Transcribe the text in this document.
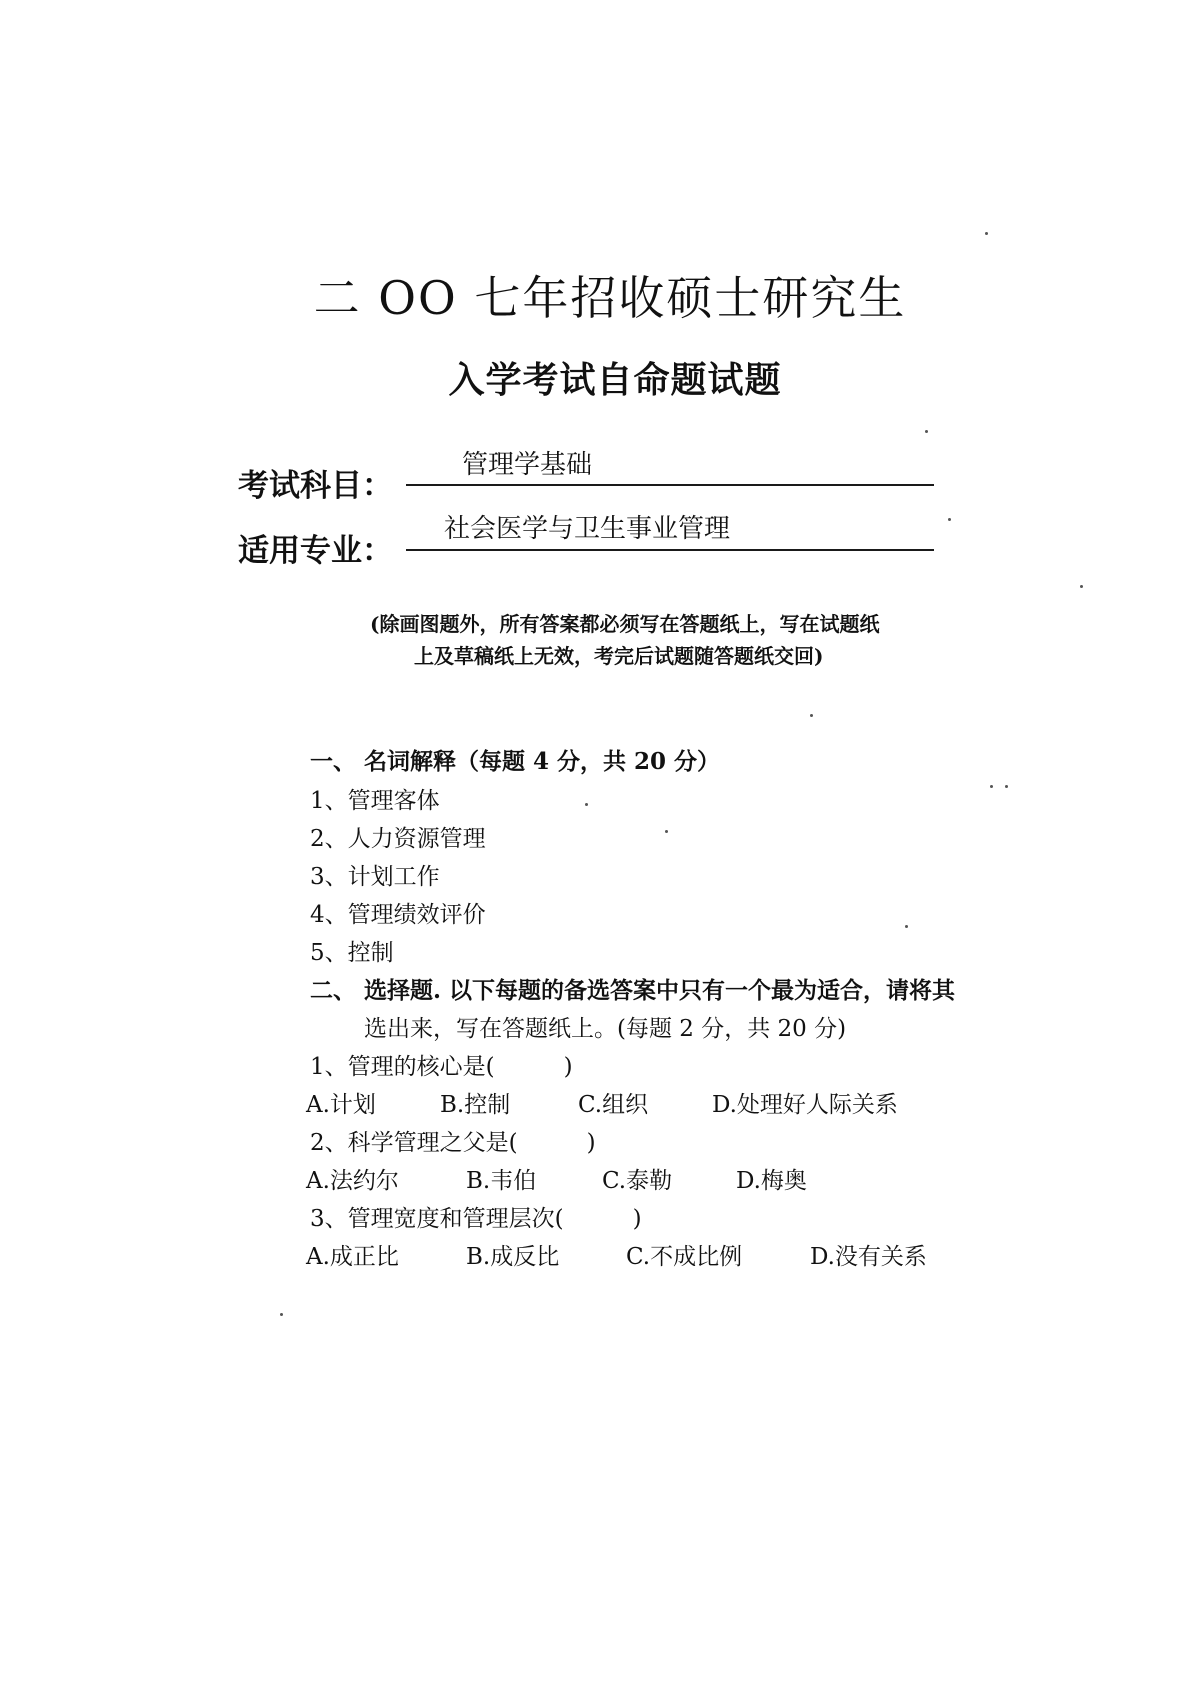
二 OO 七年招收硕士研究生
入学考试自命题试题
考试科目：
管理学基础
适用专业：
社会医学与卫生事业管理
(除画图题外，所有答案都必须写在答题纸上，写在试题纸
上及草稿纸上无效，考完后试题随答题纸交回)
一、 名词解释（每题 4 分，共 20 分）
1、管理客体
2、人力资源管理
3、计划工作
4、管理绩效评价
5、控制
二、 选择题. 以下每题的备选答案中只有一个最为适合，请将其
选出来，写在答题纸上。(每题 2 分，共 20 分)
1、管理的核心是(　　　)
A.计划	B.控制	C.组织	D.处理好人际关系
2、科学管理之父是(　　　)
A.法约尔	B.韦伯	C.泰勒	D.梅奥
3、管理宽度和管理层次(　　　)
A.成正比	B.成反比	C.不成比例	D.没有关系
